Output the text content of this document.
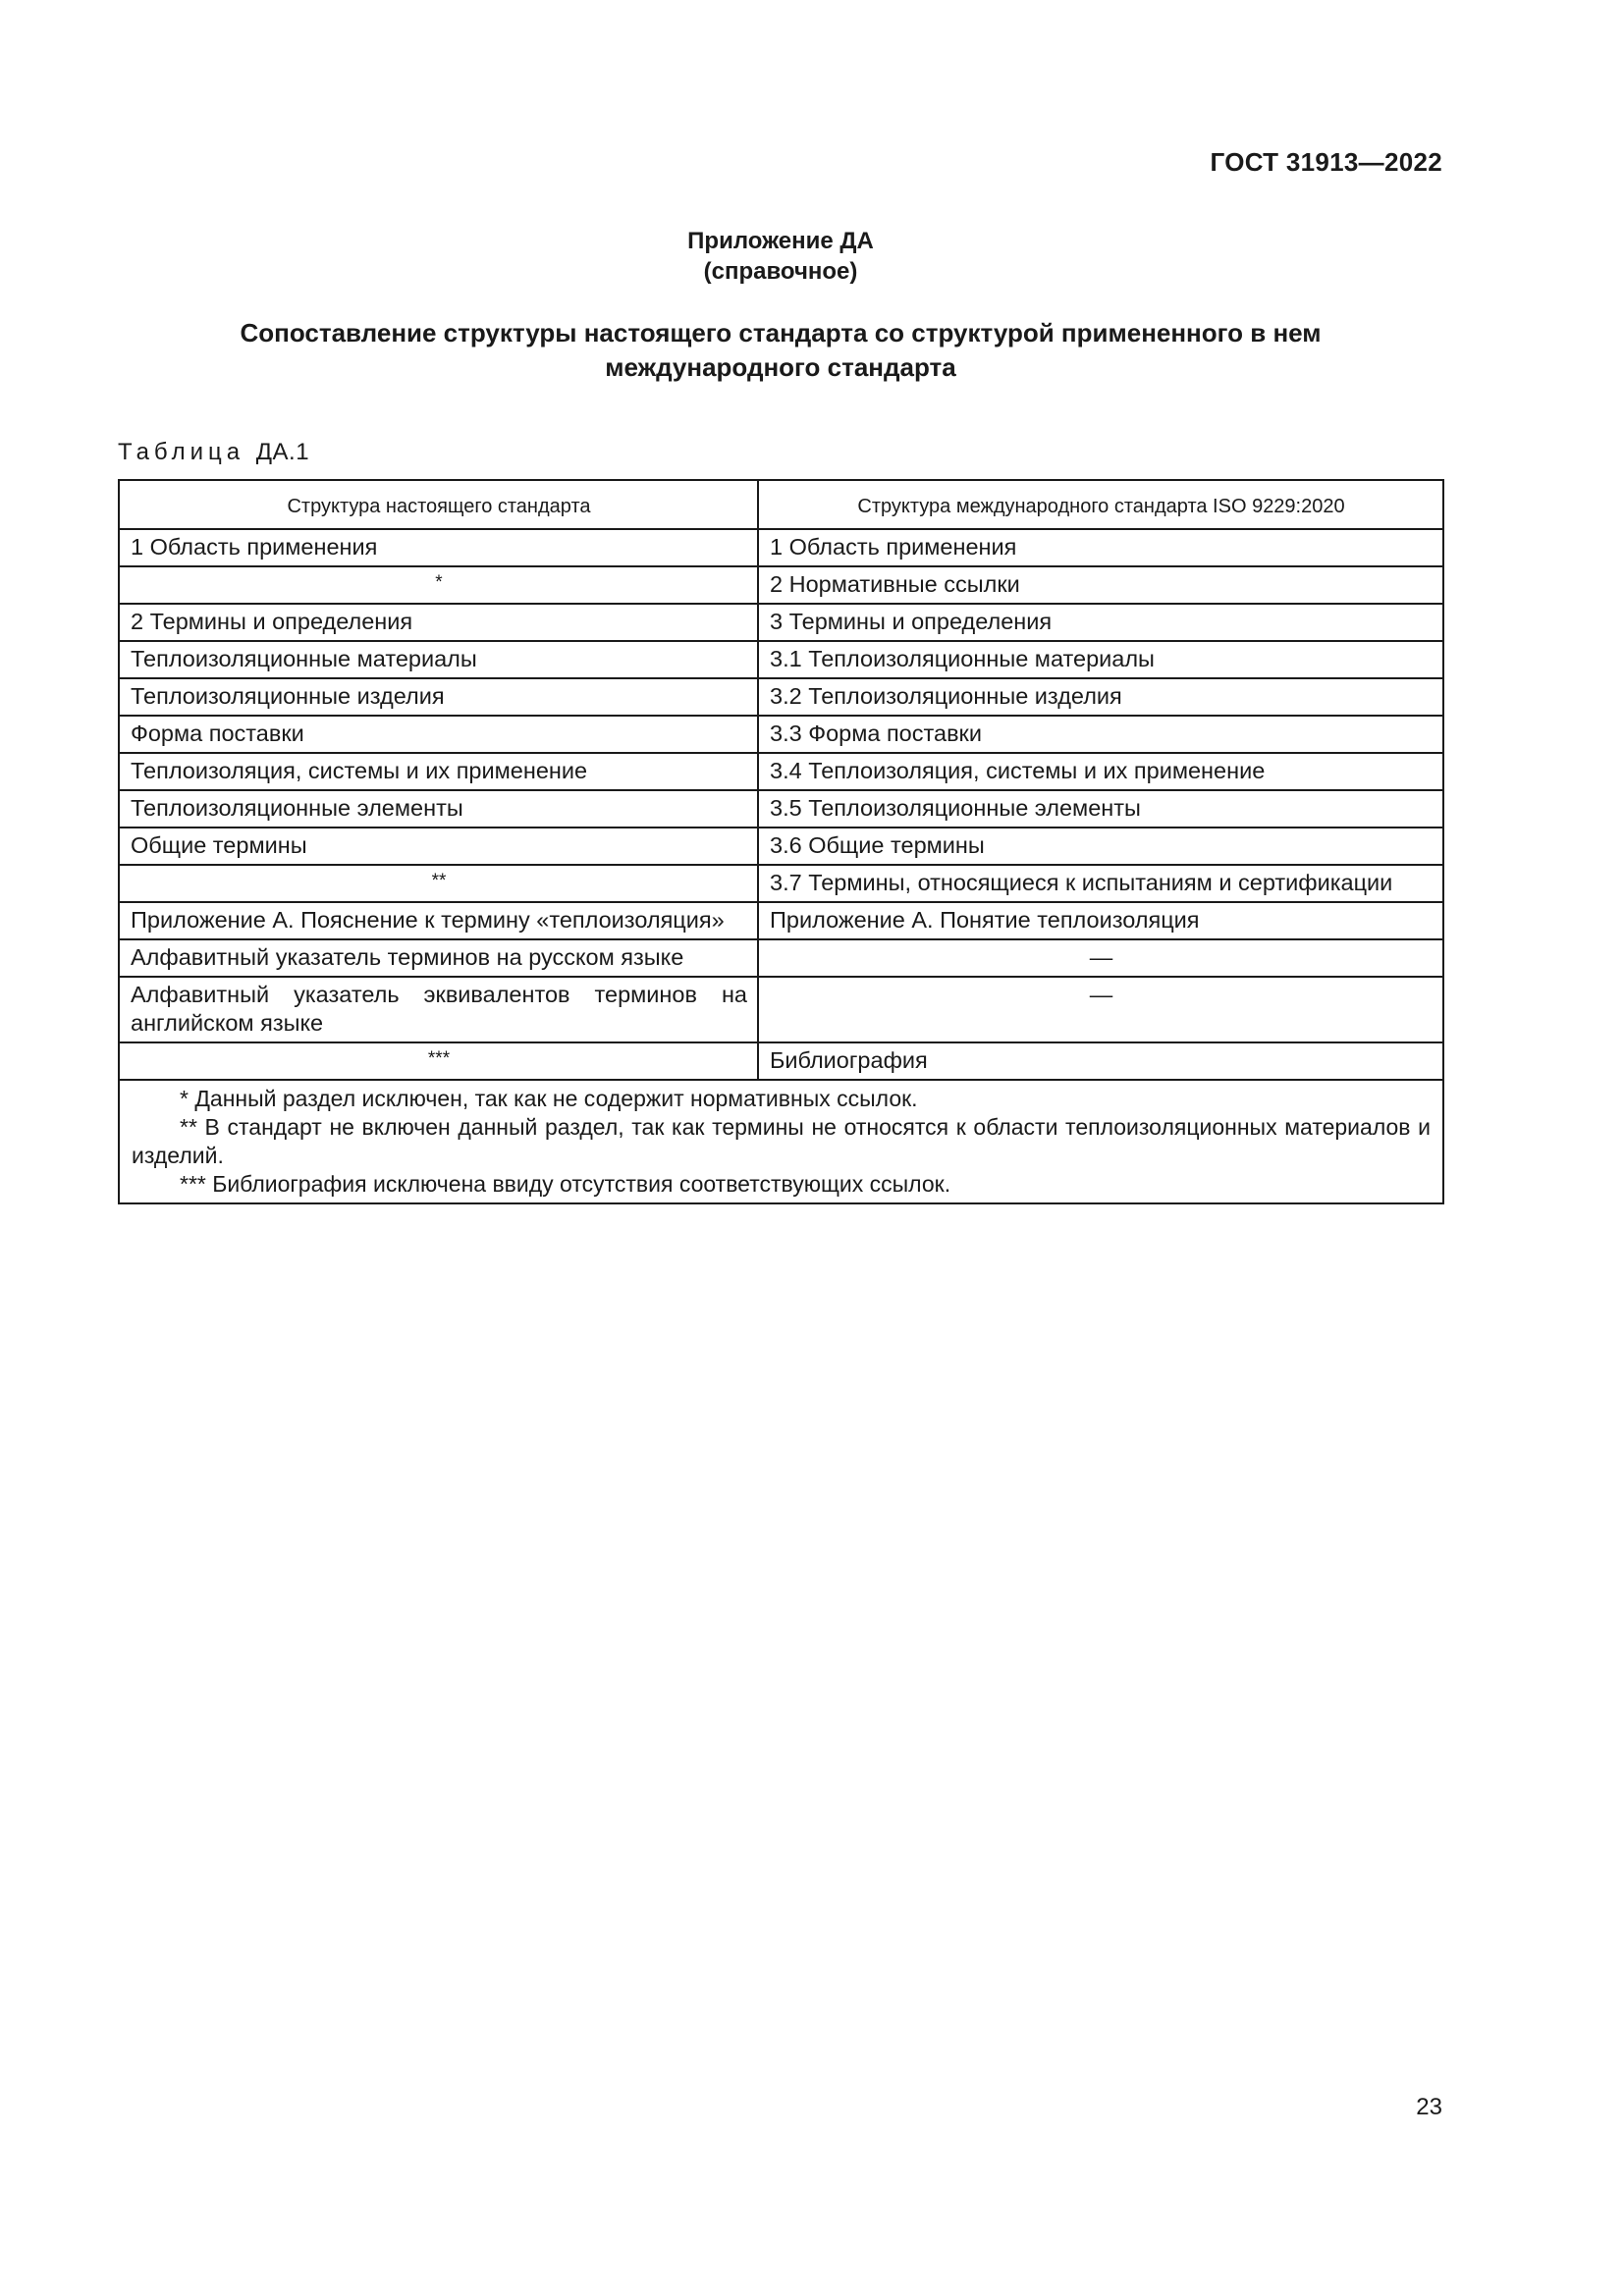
ГОСТ 31913—2022
Приложение ДА
(справочное)
Сопоставление структуры настоящего стандарта со структурой примененного в нем
международного стандарта
Таблица ДА.1
Структура настоящего стандарта	Структура международного стандарта ISO 9229:2020
1 Область применения	1 Область применения
*	2 Нормативные ссылки
2 Термины и определения	3 Термины и определения
Теплоизоляционные материалы	3.1 Теплоизоляционные материалы
Теплоизоляционные изделия	3.2 Теплоизоляционные изделия
Форма поставки	3.3 Форма поставки
Теплоизоляция, системы и их применение	3.4 Теплоизоляция, системы и их применение
Теплоизоляционные элементы	3.5 Теплоизоляционные элементы
Общие термины	3.6 Общие термины
**	3.7 Термины, относящиеся к испытаниям и сертификации
Приложение А. Пояснение к термину «теплоизоляция»	Приложение А. Понятие теплоизоляция
Алфавитный указатель терминов на русском языке	—
Алфавитный указатель эквивалентов терминов на английском языке	—
***	Библиография

* Данный раздел исключен, так как не содержит нормативных ссылок.
** В стандарт не включен данный раздел, так как термины не относятся к области теплоизоляционных материалов и изделий.
*** Библиография исключена ввиду отсутствия соответствующих ссылок.	
23
